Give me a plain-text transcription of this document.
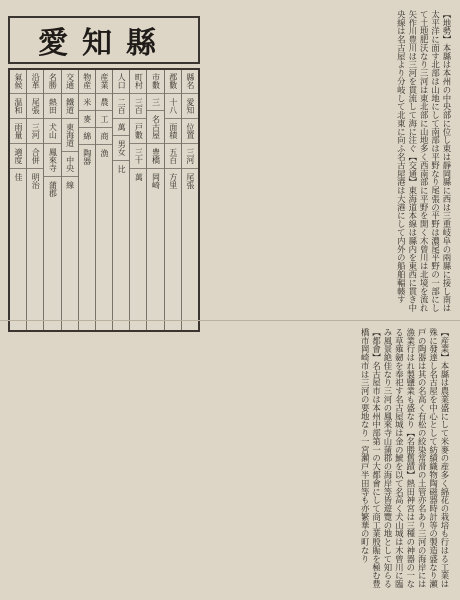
愛知縣
縣名
愛知
位置
三河
尾張
郡數
十八
面積
五百
方里
市數
三
名古屋
豊橋
岡崎
町村
三百
戸數
三十
萬
人口
二百
萬
男女
比
産業
農
工
商
漁
物産
米
麥
綿
陶器
交通
鐵道
東海道
中央
線
名勝
熱田
犬山
鳳來寺
蒲郡
沿革
尾張
三河
合併
明治
氣候
温和
雨量
適度
佳	【地勢】本縣は本州の中央部に位し東は靜岡縣に西は三重岐阜の兩縣に接し南は太平洋に面す北部は山地にして南部は平野なり尾張の平野は濃尾平野の一部にして土地肥沃なり三河は東北部に山地多く西南部に平野を開く木曾川は北境を流れ矢作川豊川は三河を貫流して海に注ぐ【交通】東海道本線は縣内を東西に貫き中央線は名古屋より分岐して北東に向ふ名古屋港は大港にして内外の船舶輻輳す
【産業】本縣は農業盛にして米麥の産多く綿花の栽培も行はる工業は殊に發達し名古屋を中心として紡績織物陶磁器時計等の製造盛なり瀬戸の陶器は其の名高く有松の絞染常滑の土管亦名あり三河の海岸には漁業行はれ製鹽業も盛なり【名勝舊蹟】熱田神宮は三種の神器の一なる草薙劒を奉祀す名古屋城は金の鯱を以て名高く犬山城は木曾川に臨み風景絶佳なり三河の鳳來寺山蒲郡の海岸等皆遊覽の地として知らる【都會】名古屋市は本州中部第一の大都會にして商工業殷賑を極む豊橋市岡崎市は三河の要地なり一宮瀬戸半田等も亦繁華の町なり
